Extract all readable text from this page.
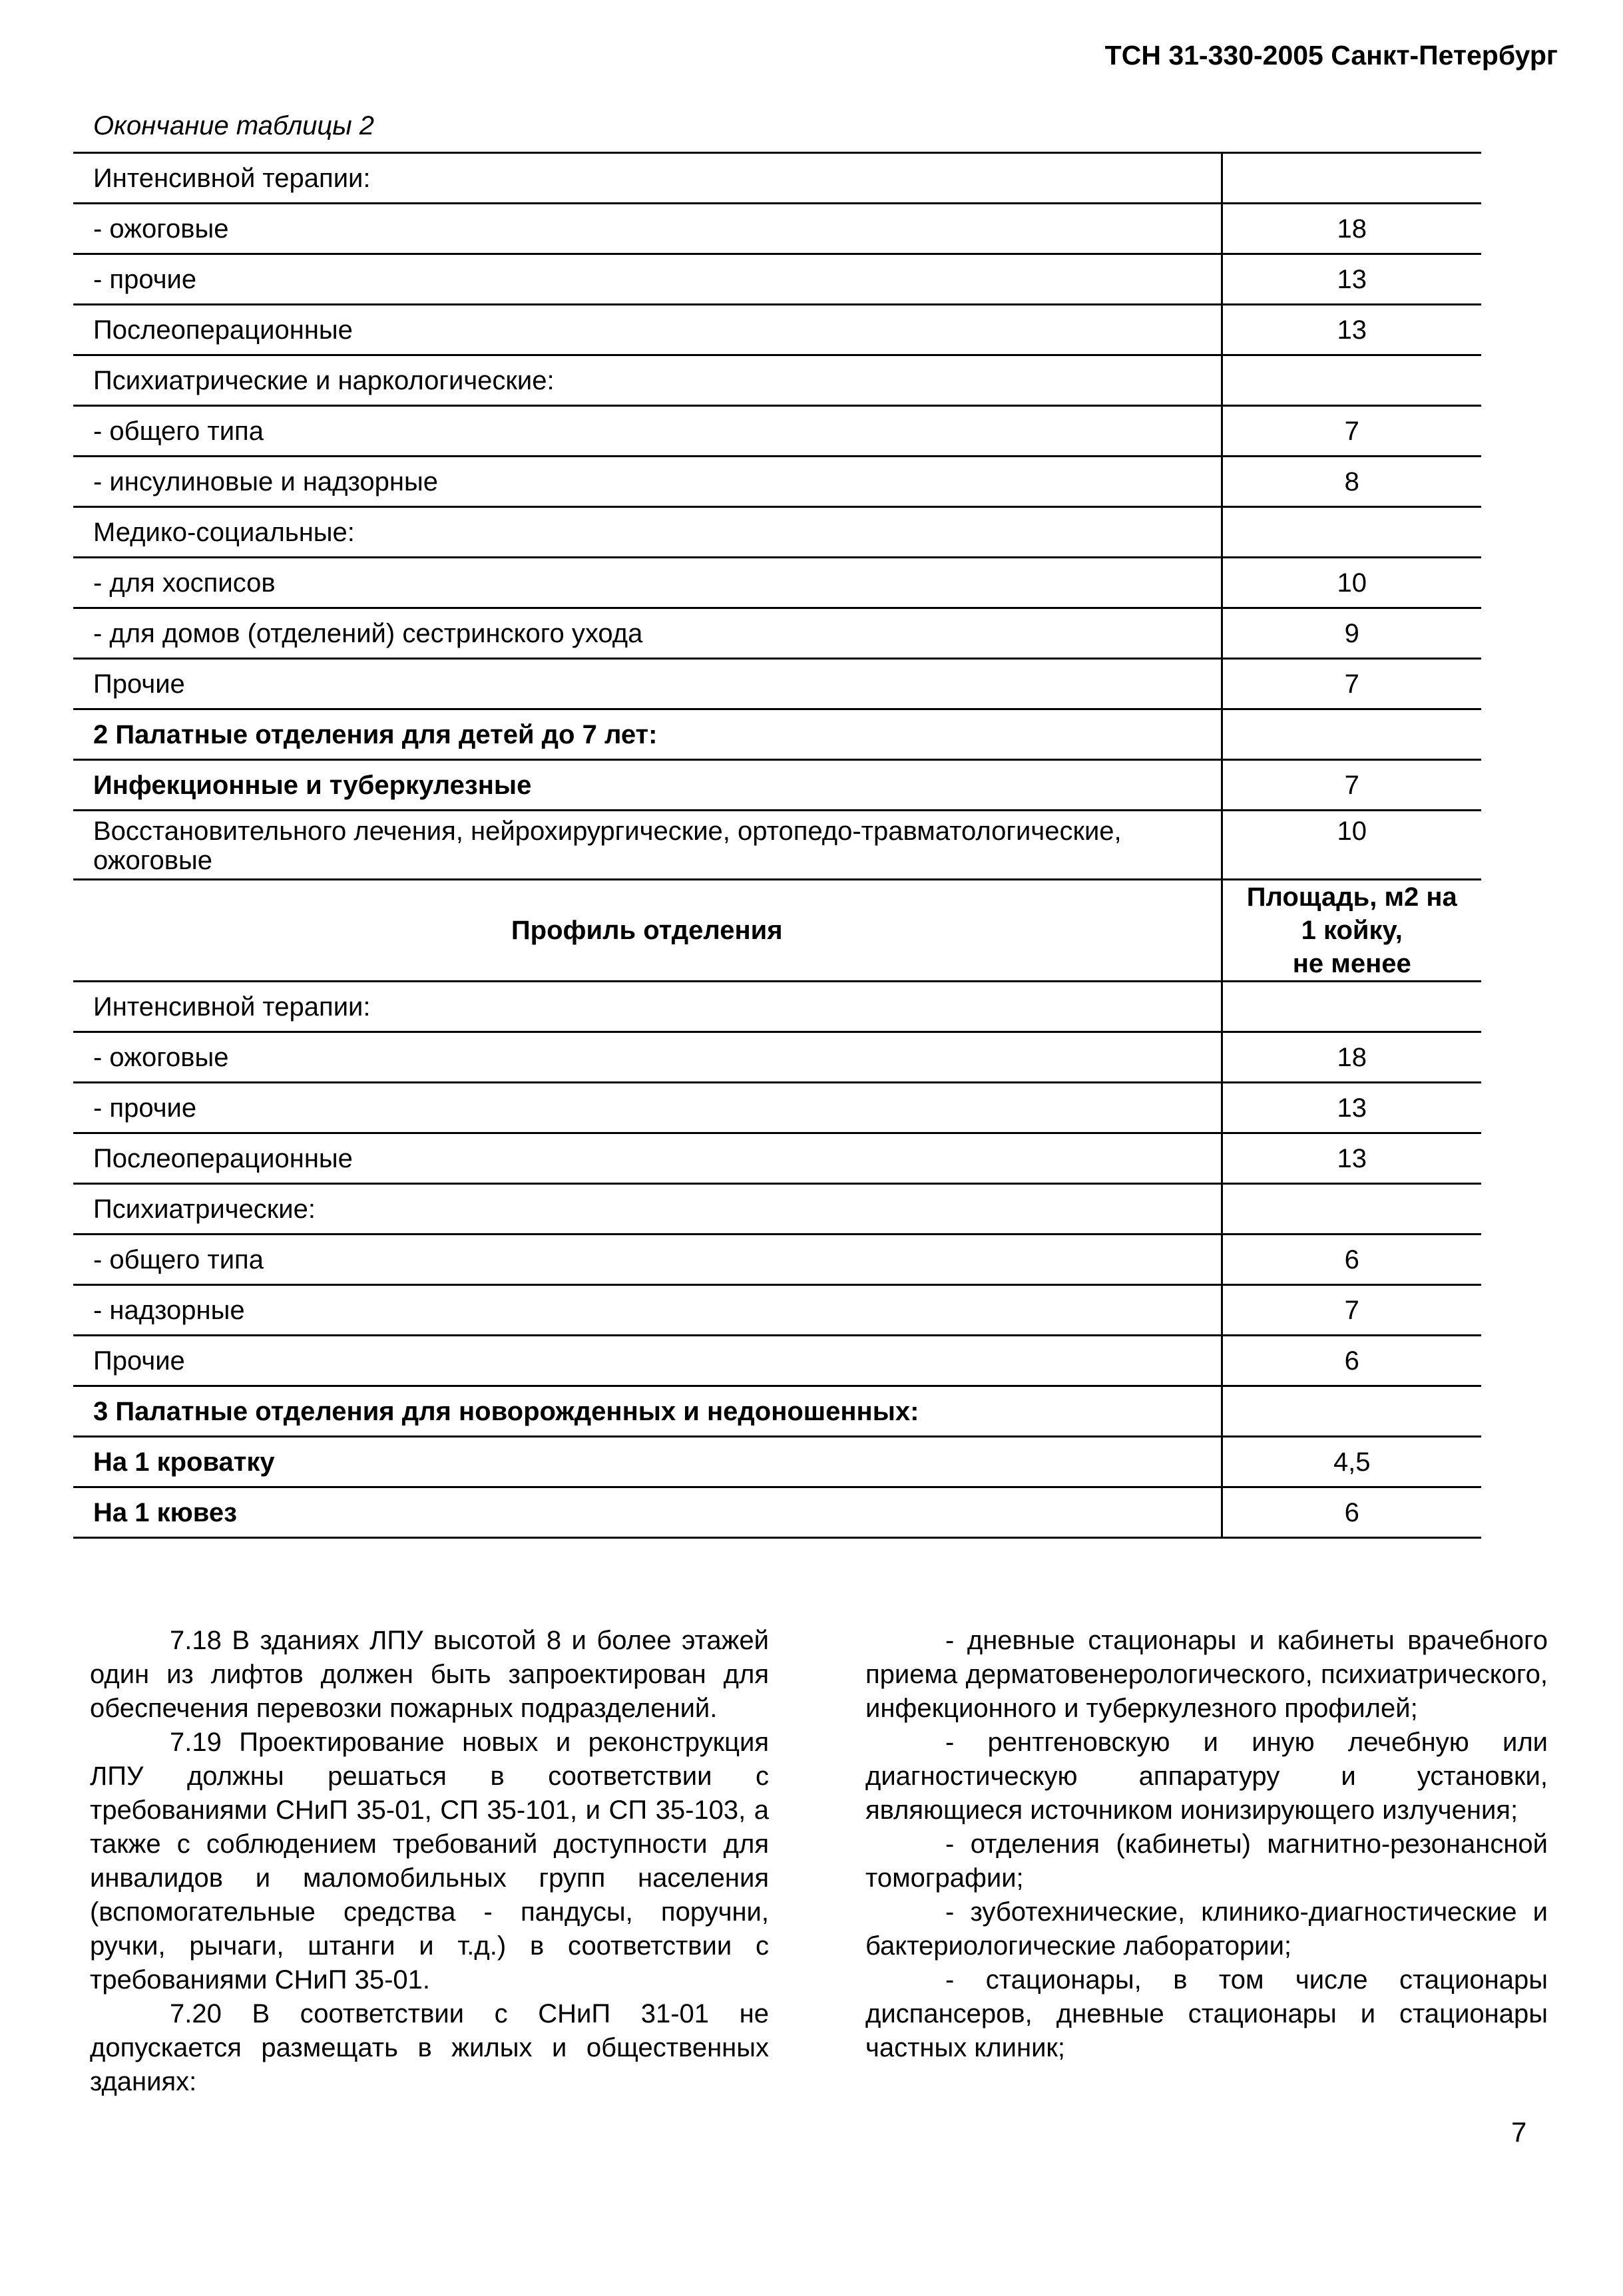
ТСН 31-330-2005 Санкт-Петербург
Окончание таблицы 2
Интенсивной терапии:	
- ожоговые	18
- прочие	13
Послеоперационные	13
Психиатрические и наркологические:	
- общего типа	7
- инсулиновые и надзорные	8
Медико-социальные:	
- для хосписов	10
- для домов (отделений) сестринского ухода	9
Прочие	7
2 Палатные отделения для детей до 7 лет:	
Инфекционные и туберкулезные	7
Восстановительного лечения, нейрохирургические, ортопедо-травматологические, ожоговые	10
Профиль отделения	Площадь, м2 на
1 койку,
не менее

Интенсивной терапии:	
- ожоговые	18
- прочие	13
Послеоперационные	13
Психиатрические:	
- общего типа	6
- надзорные	7
Прочие	6
3 Палатные отделения для новорожденных и недоношенных:	
На 1 кроватку	4,5
На 1 кювез	6

7.18 В зданиях ЛПУ высотой 8 и более этажей один из лифтов должен быть запроектирован для обеспечения перевозки пожарных подразделений.

7.19 Проектирование новых и реконструкция ЛПУ должны решаться в соответствии с требованиями СНиП 35-01, СП 35-101, и СП 35-103, а также с соблюдением требований доступности для инвалидов и маломобильных групп населения (вспомогательные средства - пандусы, поручни, ручки, рычаги, штанги и т.д.) в соответствии с требованиями СНиП 35-01.

7.20 В соответствии с СНиП 31-01 не допускается размещать в жилых и общественных зданиях:

- дневные стационары и кабинеты врачебного приема дерматовенерологического, психиатрического, инфекционного и туберкулезного профилей;

- рентгеновскую и иную лечебную или диагностическую аппаратуру и установки, являющиеся источником ионизирующего излучения;

- отделения (кабинеты) магнитно-резонансной томографии;

- зуботехнические, клинико-диагностические и бактериологические лаборатории;

- стационары, в том числе стационары диспансеров, дневные стационары и стационары частных клиник;

7
